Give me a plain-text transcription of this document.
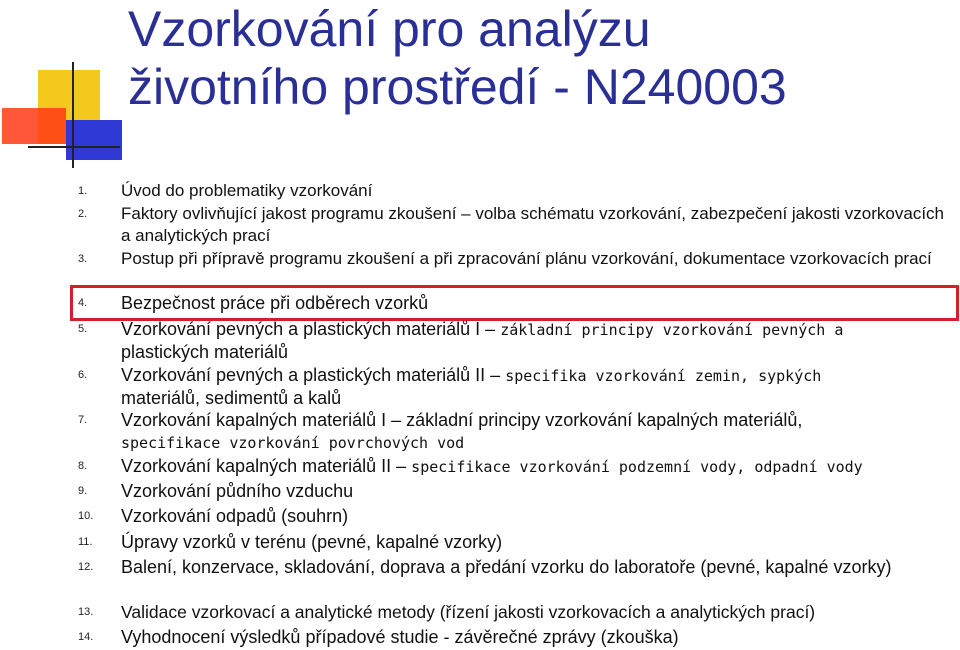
Vzorkování pro analýzu
životního prostředí - N240003
1.	Úvod do problematiky vzorkování
2.	Faktory ovlivňující jakost programu zkoušení – volba schématu vzorkování, zabezpečení jakosti vzorkovacích a analytických prací
3.	Postup při přípravě programu zkoušení a při zpracování plánu vzorkování, dokumentace vzorkovacích prací
4.	Bezpečnost práce při odběrech vzorků
5.	Vzorkování pevných a plastických materiálů I – základní principy vzorkování pevných a
plastických materiálů
6.	Vzorkování pevných a plastických materiálů II – specifika vzorkování zemin, sypkých
materiálů, sedimentů a kalů
7.	Vzorkování kapalných materiálů I – základní principy vzorkování kapalných materiálů,
specifikace vzorkování povrchových vod
8.	Vzorkování kapalných materiálů II – specifikace vzorkování podzemní vody, odpadní vody
9.	Vzorkování půdního vzduchu
10.	Vzorkování odpadů (souhrn)
11.	Úpravy vzorků v terénu (pevné, kapalné vzorky)
12.	Balení, konzervace, skladování, doprava a předání vzorku do laboratoře (pevné, kapalné vzorky)
13.	Validace vzorkovací a analytické metody (řízení jakosti vzorkovacích a analytických prací)
14.	Vyhodnocení výsledků případové studie - závěrečné zprávy (zkouška)
